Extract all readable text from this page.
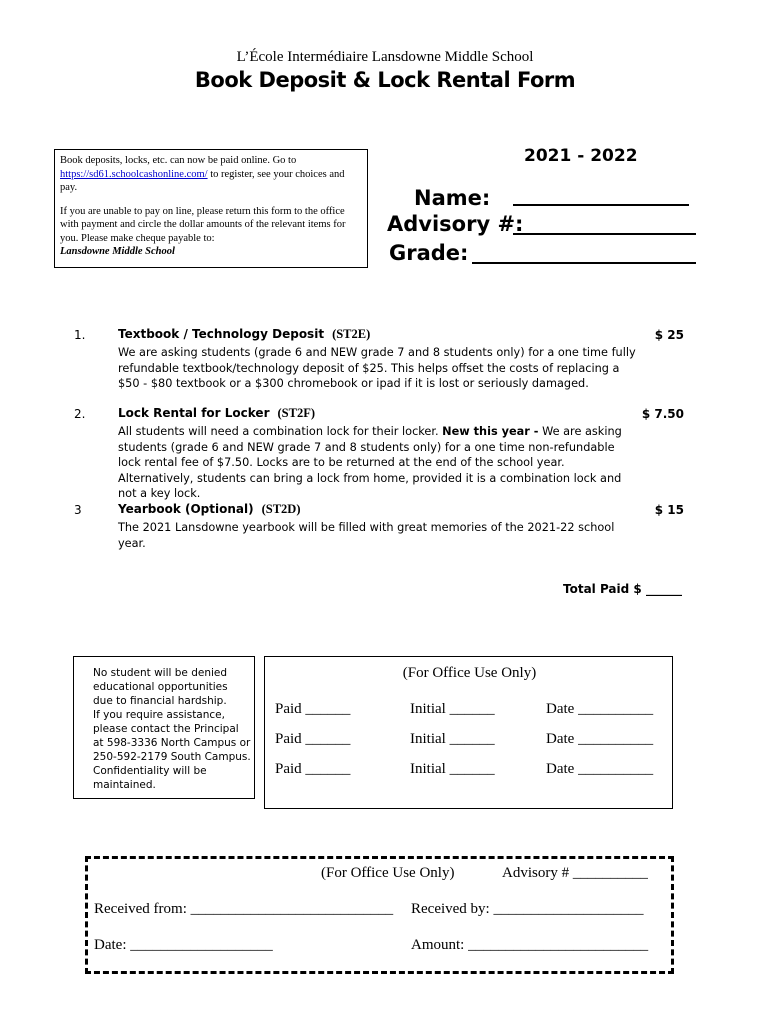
L’École Intermédiaire Lansdowne Middle School
Book Deposit & Lock Rental Form

Book deposits, locks, etc. can now be paid online. Go to
https://sd61.schoolcashonline.com/ to register, see your choices and pay.

If you are unable to pay on line, please return this form to the office with payment and circle the dollar amounts of the relevant items for you. Please make cheque payable to:
Lansdowne Middle School

2021 - 2022
Name:
Advisory #:
Grade:
1.	Textbook / Technology Deposit (ST2E)	$ 25
We are asking students (grade 6 and NEW grade 7 and 8 students only) for a one time fully refundable textbook/technology deposit of $25. This helps offset the costs of replacing a $50 - $80 textbook or a $300 chromebook or ipad if it is lost or seriously damaged.
2.	Lock Rental for Locker (ST2F)	$ 7.50
All students will need a combination lock for their locker. New this year - We are asking students (grade 6 and NEW grade 7 and 8 students only) for a one time non-refundable lock rental fee of $7.50. Locks are to be returned at the end of the school year. Alternatively, students can bring a lock from home, provided it is a combination lock and not a key lock.
3	Yearbook (Optional) (ST2D)	$ 15
The 2021 Lansdowne yearbook will be filled with great memories of the 2021-22 school year.
Total Paid $ ______
No student will be denied
educational opportunities
due to financial hardship.
If you require assistance,
please contact the Principal
at 598-3336 North Campus or
250-592-2179 South Campus.
Confidentiality will be
maintained.
(For Office Use Only)
Paid ______	Initial ______	Date __________
Paid ______	Initial ______	Date __________
Paid ______	Initial ______	Date __________
(For Office Use Only)	Advisory # __________
Received from: ___________________________ Received by: ____________________
Date: ___________________	Amount: ________________________
